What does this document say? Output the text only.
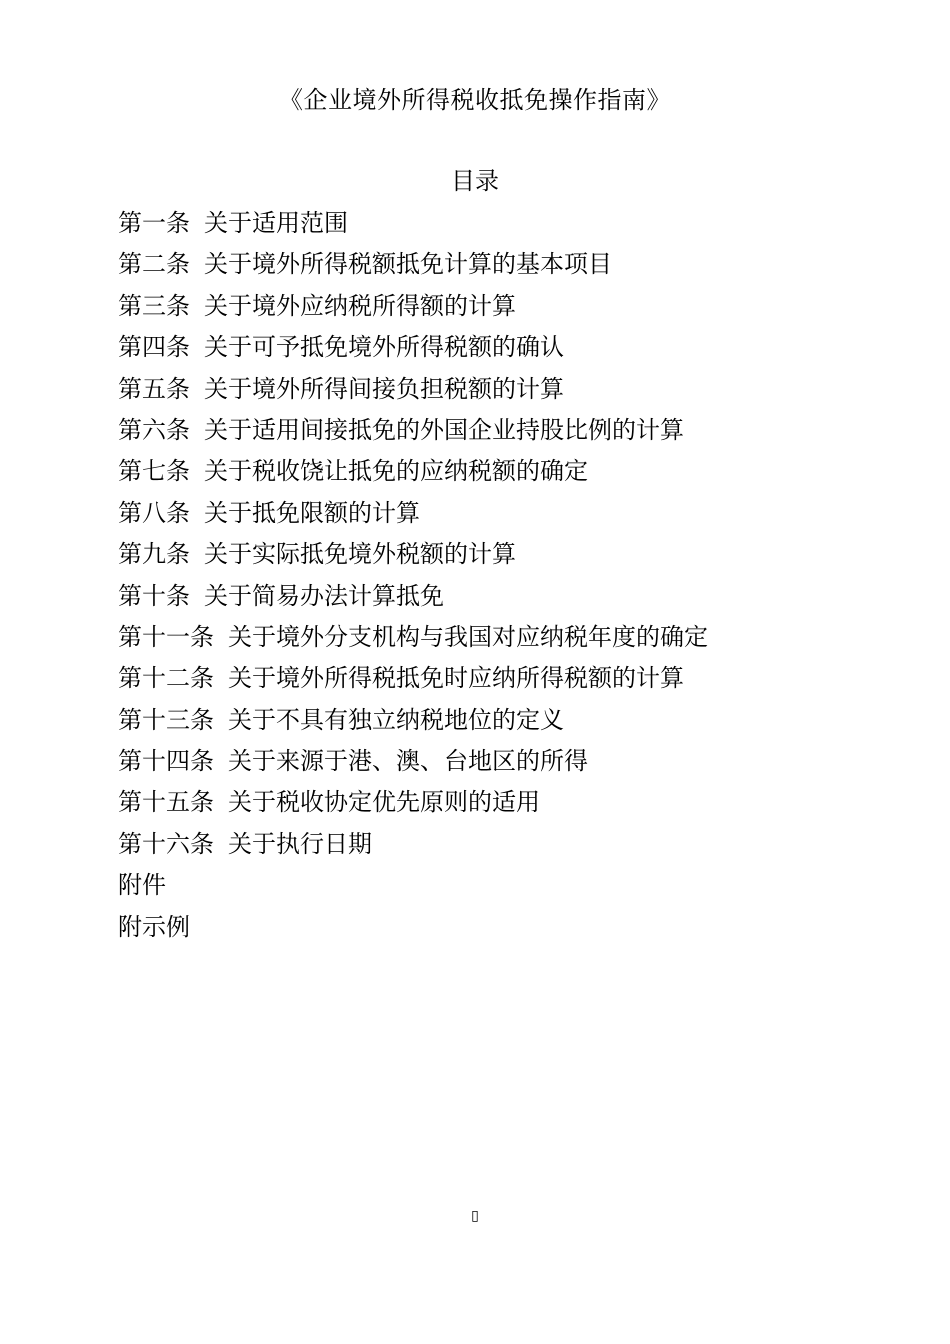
《企业境外所得税收抵免操作指南》
目录
第一条 关于适用范围
第二条 关于境外所得税额抵免计算的基本项目
第三条 关于境外应纳税所得额的计算
第四条 关于可予抵免境外所得税额的确认
第五条 关于境外所得间接负担税额的计算
第六条 关于适用间接抵免的外国企业持股比例的计算
第七条 关于税收饶让抵免的应纳税额的确定
第八条 关于抵免限额的计算
第九条 关于实际抵免境外税额的计算
第十条 关于简易办法计算抵免
第十一条 关于境外分支机构与我国对应纳税年度的确定
第十二条 关于境外所得税抵免时应纳所得税额的计算
第十三条 关于不具有独立纳税地位的定义
第十四条 关于来源于港、澳、台地区的所得
第十五条 关于税收协定优先原则的适用
第十六条 关于执行日期
附件
附示例
▯
